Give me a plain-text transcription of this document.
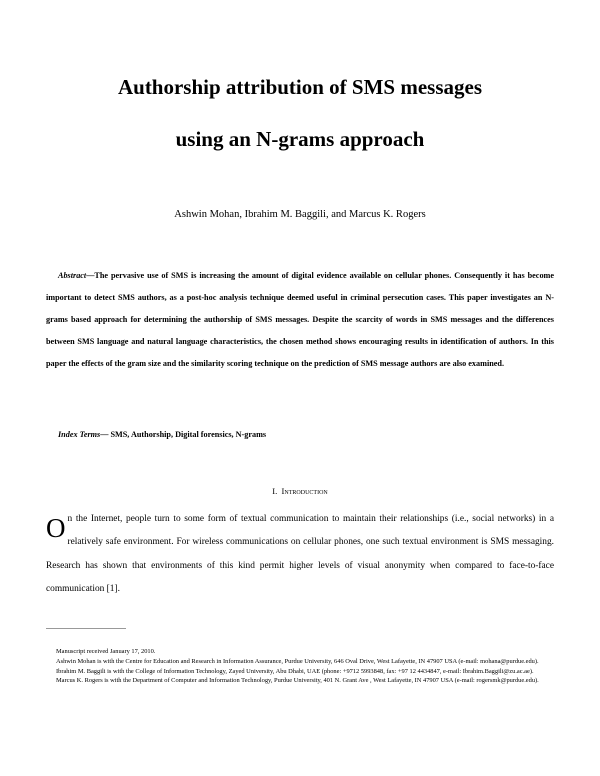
Authorship attribution of SMS messages
using an N-grams approach
Ashwin Mohan, Ibrahim M. Baggili, and Marcus K. Rogers

Abstract—The pervasive use of SMS is increasing the amount of digital evidence available on cellular phones. Consequently it has become important to detect SMS authors, as a post-hoc analysis technique deemed useful in criminal persecution cases. This paper investigates an N-grams based approach for determining the authorship of SMS messages. Despite the scarcity of words in SMS messages and the differences between SMS language and natural language characteristics, the chosen method shows encouraging results in identification of authors. In this paper the effects of the gram size and the similarity scoring technique on the prediction of SMS message authors are also examined.

Index Terms— SMS, Authorship, Digital forensics, N-grams

I. Introduction

On the Internet, people turn to some form of textual communication to maintain their relationships (i.e., social networks) in a relatively safe environment. For wireless communications on cellular phones, one such textual environment is SMS messaging. Research has shown that environments of this kind permit higher levels of visual anonymity when compared to face-to-face communication [1].

Manuscript received January 17, 2010.

Ashwin Mohan is with the Centre for Education and Research in Information Assurance, Purdue University, 646 Oval Drive, West Lafayette, IN 47907 USA (e-mail: mohana@purdue.edu).

Ibrahim M. Baggili is with the College of Information Technology, Zayed University, Abu Dhabi, UAE (phone: +9712 5993848, fax: +97 12 4434847, e-mail: Ibrahim.Baggili@zu.ac.ae).

Marcus K. Rogers is with the Department of Computer and Information Technology, Purdue University, 401 N. Grant Ave , West Lafayette, IN 47907 USA (e-mail: rogersmk@purdue.edu).
